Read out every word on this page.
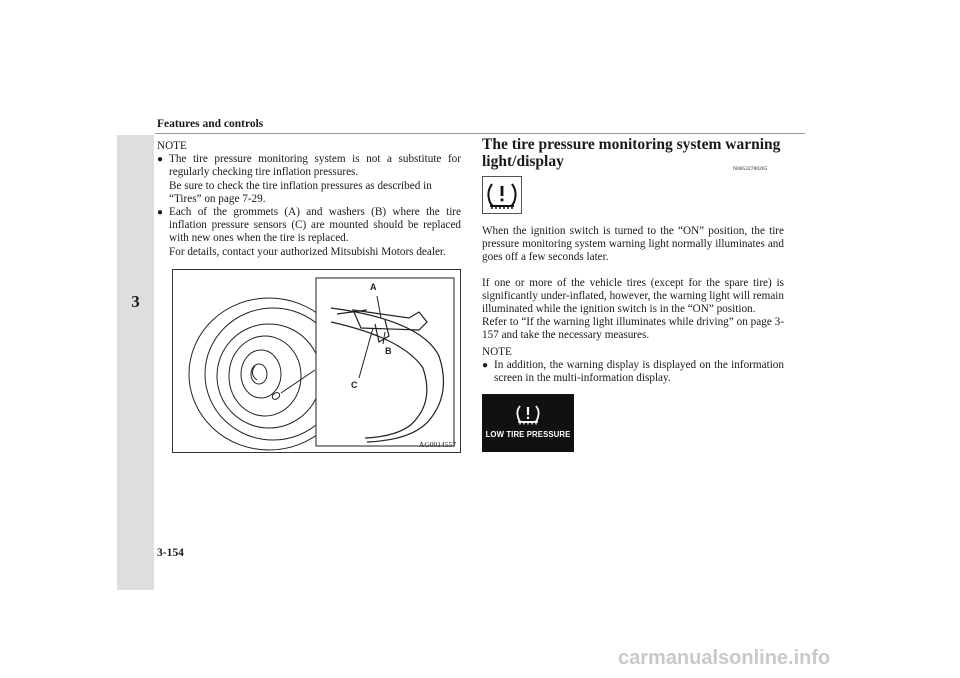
Features and controls
3
NOTE
● The tire pressure monitoring system is not a substitute for regularly checking tire inflation pressures.

Be sure to check the tire inflation pressures as described in “Tires” on page 7-29.

● Each of the grommets (A) and washers (B) where the tire inflation pressure sensors (C) are mounted should be replaced with new ones when the tire is replaced.

For details, contact your authorized Mitsubishi Motors dealer.

A
B
C
AG0014557
The tire pressure monitoring system warning light/display	N00532700265

When the ignition switch is turned to the “ON” position, the tire pressure monitoring system warning light normally illuminates and goes off a few seconds later.

If one or more of the vehicle tires (except for the spare tire) is significantly under-inflated, however, the warning light will remain illuminated while the ignition switch is in the “ON” position.

Refer to “If the warning light illuminates while driving” on page 3-157 and take the necessary measures.

NOTE
● In addition, the warning display is displayed on the information screen in the multi-information display.

LOW TIRE PRESSURE
3-154
carmanualsonline.info
